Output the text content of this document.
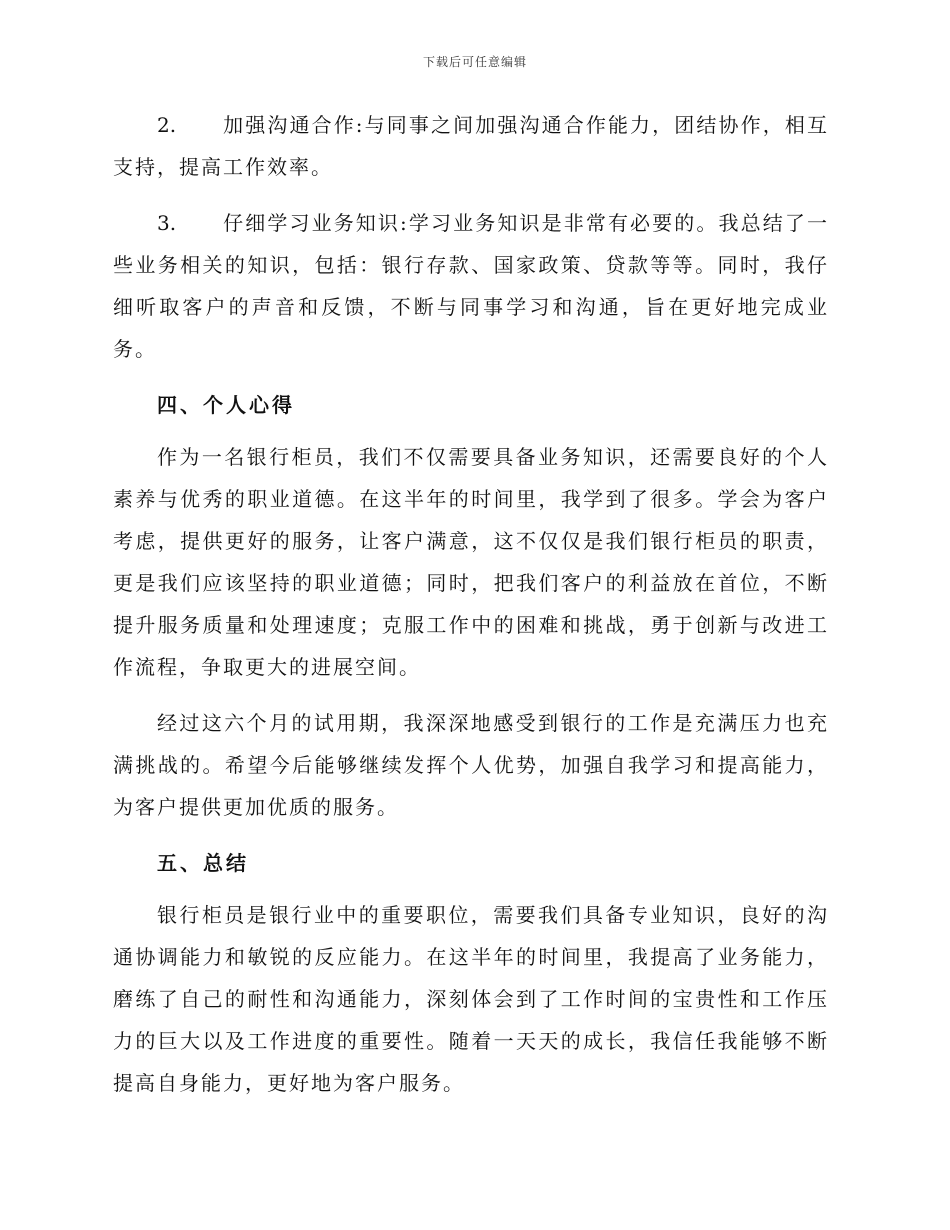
下载后可任意编辑

2. 加强沟通合作:与同事之间加强沟通合作能力，团结协作，相互支持，提高工作效率。

3. 仔细学习业务知识:学习业务知识是非常有必要的。我总结了一些业务相关的知识，包括：银行存款、国家政策、贷款等等。同时，我仔细听取客户的声音和反馈，不断与同事学习和沟通，旨在更好地完成业务。

四、个人心得

作为一名银行柜员，我们不仅需要具备业务知识，还需要良好的个人素养与优秀的职业道德。在这半年的时间里，我学到了很多。学会为客户考虑，提供更好的服务，让客户满意，这不仅仅是我们银行柜员的职责，更是我们应该坚持的职业道德；同时，把我们客户的利益放在首位，不断提升服务质量和处理速度；克服工作中的困难和挑战，勇于创新与改进工作流程，争取更大的进展空间。

经过这六个月的试用期，我深深地感受到银行的工作是充满压力也充满挑战的。希望今后能够继续发挥个人优势，加强自我学习和提高能力，为客户提供更加优质的服务。

五、总结

银行柜员是银行业中的重要职位，需要我们具备专业知识，良好的沟通协调能力和敏锐的反应能力。在这半年的时间里，我提高了业务能力，磨练了自己的耐性和沟通能力，深刻体会到了工作时间的宝贵性和工作压力的巨大以及工作进度的重要性。随着一天天的成长，我信任我能够不断提高自身能力，更好地为客户服务。
